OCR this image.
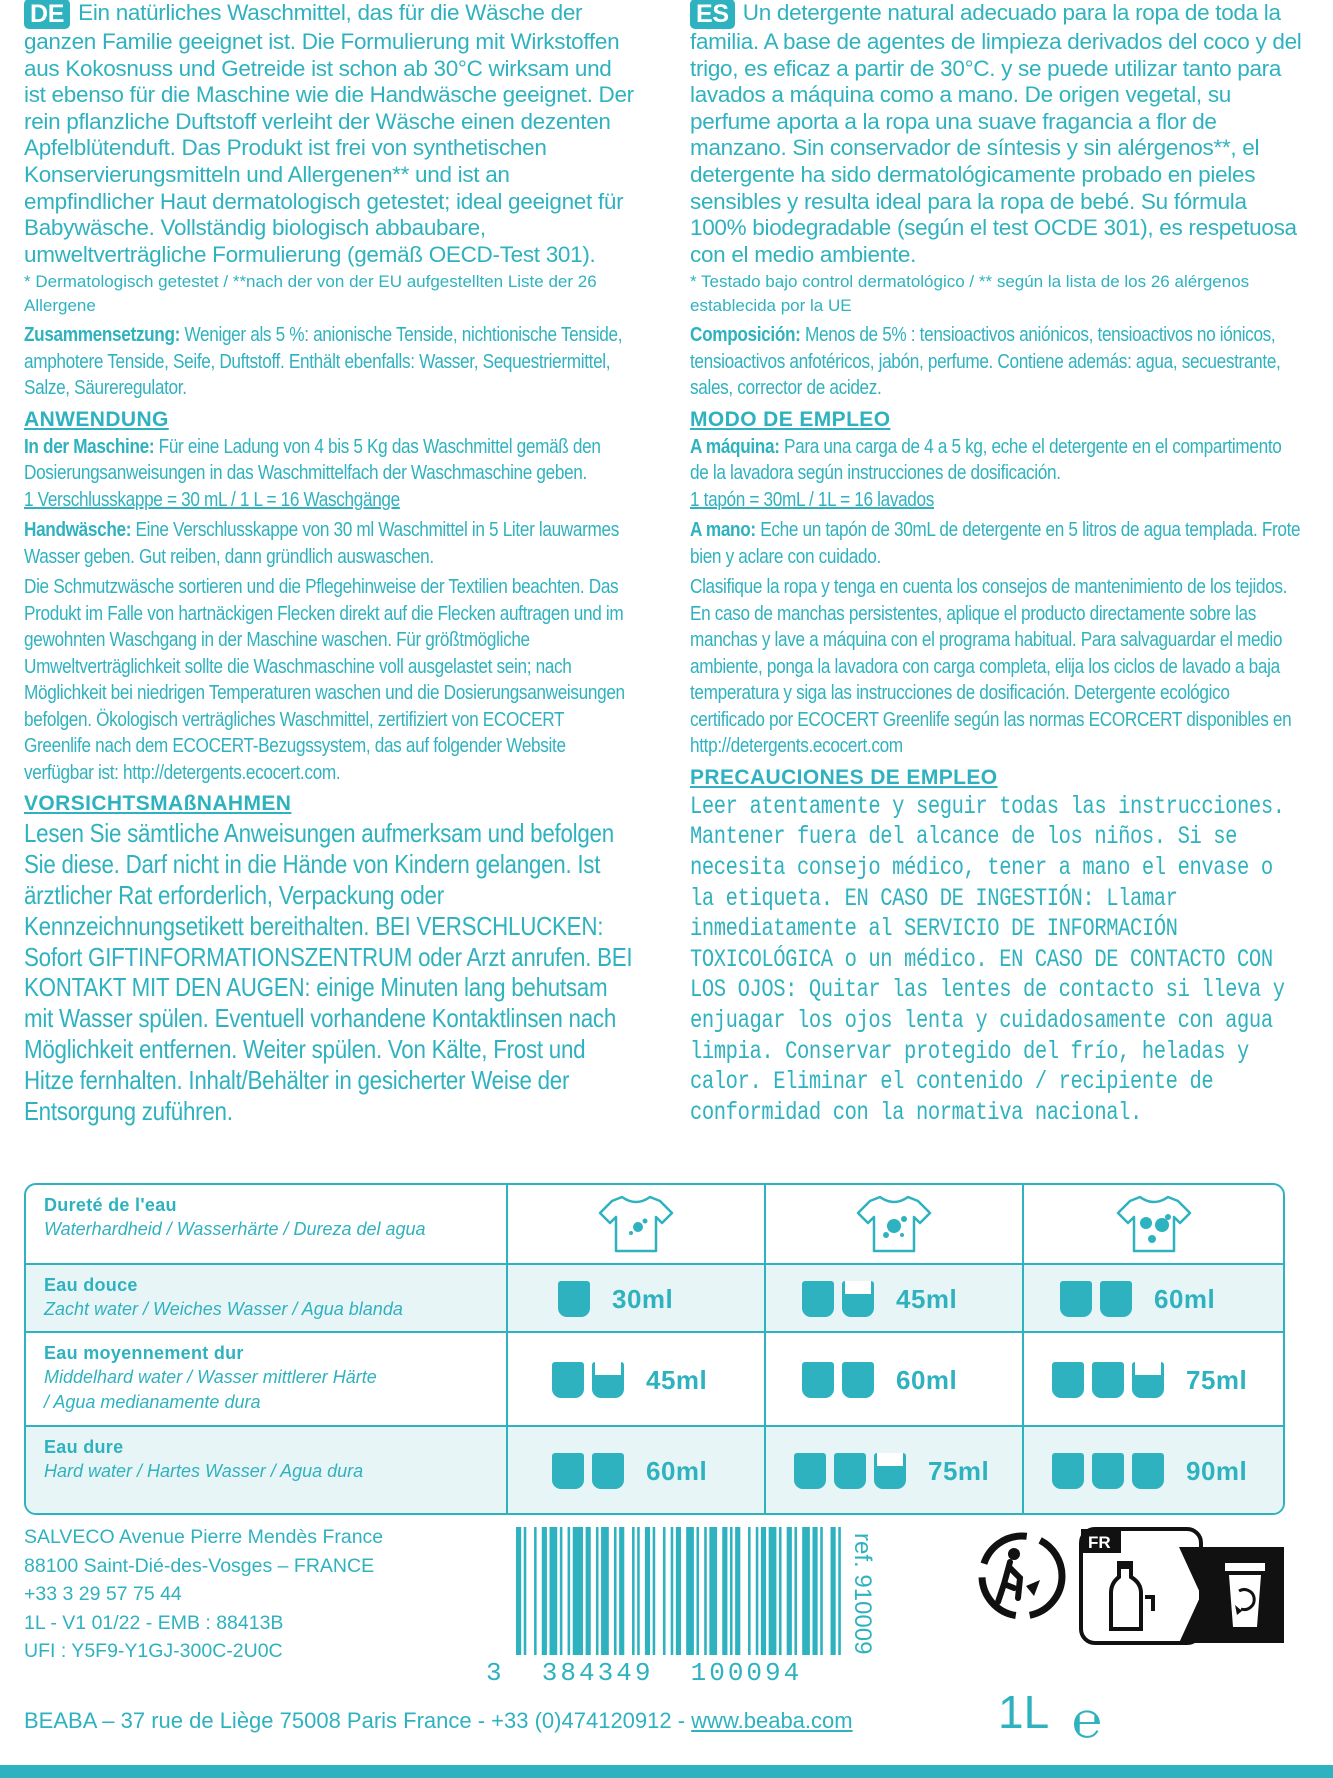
DE Ein natürliches Waschmittel, das für die Wäsche der ganzen Familie geeignet ist. Die Formulierung mit Wirkstoffen aus Kokosnuss und Getreide ist schon ab 30°C wirksam und ist ebenso für die Maschine wie die Handwäsche geeignet. Der rein pflanzliche Duftstoff verleiht der Wäsche einen dezenten Apfelblütenduft. Das Produkt ist frei von synthetischen Konservierungsmitteln und Allergenen** und ist an empfindlicher Haut dermatologisch getestet; ideal geeignet für Babywäsche. Vollständig biologisch abbaubare, umweltverträgliche Formulierung (gemäß OECD-Test 301).

* Dermatologisch getestet / **nach der von der EU aufgestellten Liste der 26 Allergene

Zusammensetzung: Weniger als 5 %: anionische Tenside, nichtionische Tenside, amphotere Tenside, Seife, Duftstoff. Enthält ebenfalls: Wasser, Sequestriermittel, Salze, Säureregulator.

ANWENDUNG

In der Maschine: Für eine Ladung von 4 bis 5 Kg das Waschmittel gemäß den Dosierungsanweisungen in das Waschmittelfach der Waschmaschine geben.
1 Verschlusskappe = 30 mL / 1 L = 16 Waschgänge

Handwäsche: Eine Verschlusskappe von 30 ml Waschmittel in 5 Liter lauwarmes Wasser geben. Gut reiben, dann gründlich auswaschen.

Die Schmutzwäsche sortieren und die Pflegehinweise der Textilien beachten. Das Produkt im Falle von hartnäckigen Flecken direkt auf die Flecken auftragen und im gewohnten Waschgang in der Maschine waschen. Für größtmögliche Umweltverträglichkeit sollte die Waschmaschine voll ausgelastet sein; nach Möglichkeit bei niedrigen Temperaturen waschen und die Dosierungsanweisungen befolgen. Ökologisch verträgliches Waschmittel, zertifiziert von ECOCERT Greenlife nach dem ECOCERT-Bezugssystem, das auf folgender Website verfügbar ist: http://detergents.ecocert.com.

VORSICHTSMAßNAHMEN

Lesen Sie sämtliche Anweisungen aufmerksam und befolgen Sie diese. Darf nicht in die Hände von Kindern gelangen. Ist ärztlicher Rat erforderlich, Verpackung oder Kennzeichnungsetikett bereithalten. BEI VERSCHLUCKEN: Sofort GIFTINFORMATIONSZENTRUM oder Arzt anrufen. BEI KONTAKT MIT DEN AUGEN: einige Minuten lang behutsam mit Wasser spülen. Eventuell vorhandene Kontaktlinsen nach Möglichkeit entfernen. Weiter spülen. Von Kälte, Frost und Hitze fernhalten. Inhalt/Behälter in gesicherter Weise der Entsorgung zuführen.

ES Un detergente natural adecuado para la ropa de toda la familia. A base de agentes de limpieza derivados del coco y del trigo, es eficaz a partir de 30°C. y se puede utilizar tanto para lavados a máquina como a mano. De origen vegetal, su perfume aporta a la ropa una suave fragancia a flor de manzano. Sin conservador de síntesis y sin alérgenos**, el detergente ha sido dermatológicamente probado en pieles sensibles y resulta ideal para la ropa de bebé. Su fórmula 100% biodegradable (según el test OCDE 301), es respetuosa con el medio ambiente.

* Testado bajo control dermatológico / ** según la lista de los 26 alérgenos establecida por la UE

Composición: Menos de 5% : tensioactivos aniónicos, tensioactivos no iónicos, tensioactivos anfotéricos, jabón, perfume. Contiene además: agua, secuestrante, sales, corrector de acidez.

MODO DE EMPLEO

A máquina: Para una carga de 4 a 5 kg, eche el detergente en el compartimento de la lavadora según instrucciones de dosificación.
1 tapón = 30mL / 1L = 16 lavados

A mano: Eche un tapón de 30mL de detergente en 5 litros de agua templada. Frote bien y aclare con cuidado.

Clasifique la ropa y tenga en cuenta los consejos de mantenimiento de los tejidos. En caso de manchas persistentes, aplique el producto directamente sobre las manchas y lave a máquina con el programa habitual. Para salvaguardar el medio ambiente, ponga la lavadora con carga completa, elija los ciclos de lavado a baja temperatura y siga las instrucciones de dosificación. Detergente ecológico certificado por ECOCERT Greenlife según las normas ECORCERT disponibles en http://detergents.ecocert.com

PRECAUCIONES DE EMPLEO

Leer atentamente y seguir todas las instrucciones. Mantener fuera del alcance de los niños. Si se necesita consejo médico, tener a mano el envase o la etiqueta. EN CASO DE INGESTIÓN: Llamar inmediatamente al SERVICIO DE INFORMACIÓN TOXICOLÓGICA o un médico. EN CASO DE CONTACTO CON LOS OJOS: Quitar las lentes de contacto si lleva y enjuagar los ojos lenta y cuidadosamente con agua limpia. Conservar protegido del frío, heladas y calor. Eliminar el contenido / recipiente de conformidad con la normativa nacional.

Dureté de l'eau
Waterhardheid / Wasserhärte / Dureza del agua
Eau douce
Zacht water / Weiches Wasser / Agua blanda	30ml	45ml	60ml
Eau moyennement dur
Middelhard water / Wasser mittlerer Härte
/ Agua medianamente dura
45ml	60ml	75ml
Eau dure
Hard water / Hartes Wasser / Agua dura	60ml	75ml	90ml
SALVECO Avenue Pierre Mendès France
88100 Saint-Dié-des-Vosges – FRANCE
+33 3 29 57 75 44
1L - V1 01/22 - EMB : 88413B
UFI : Y5F9-Y1GJ-300C-2U0C
3  384349  100094
ref. 910009	FR
BEABA – 37 rue de Liège 75008 Paris France - +33 (0)474120912 - www.beaba.com	1L ℮
